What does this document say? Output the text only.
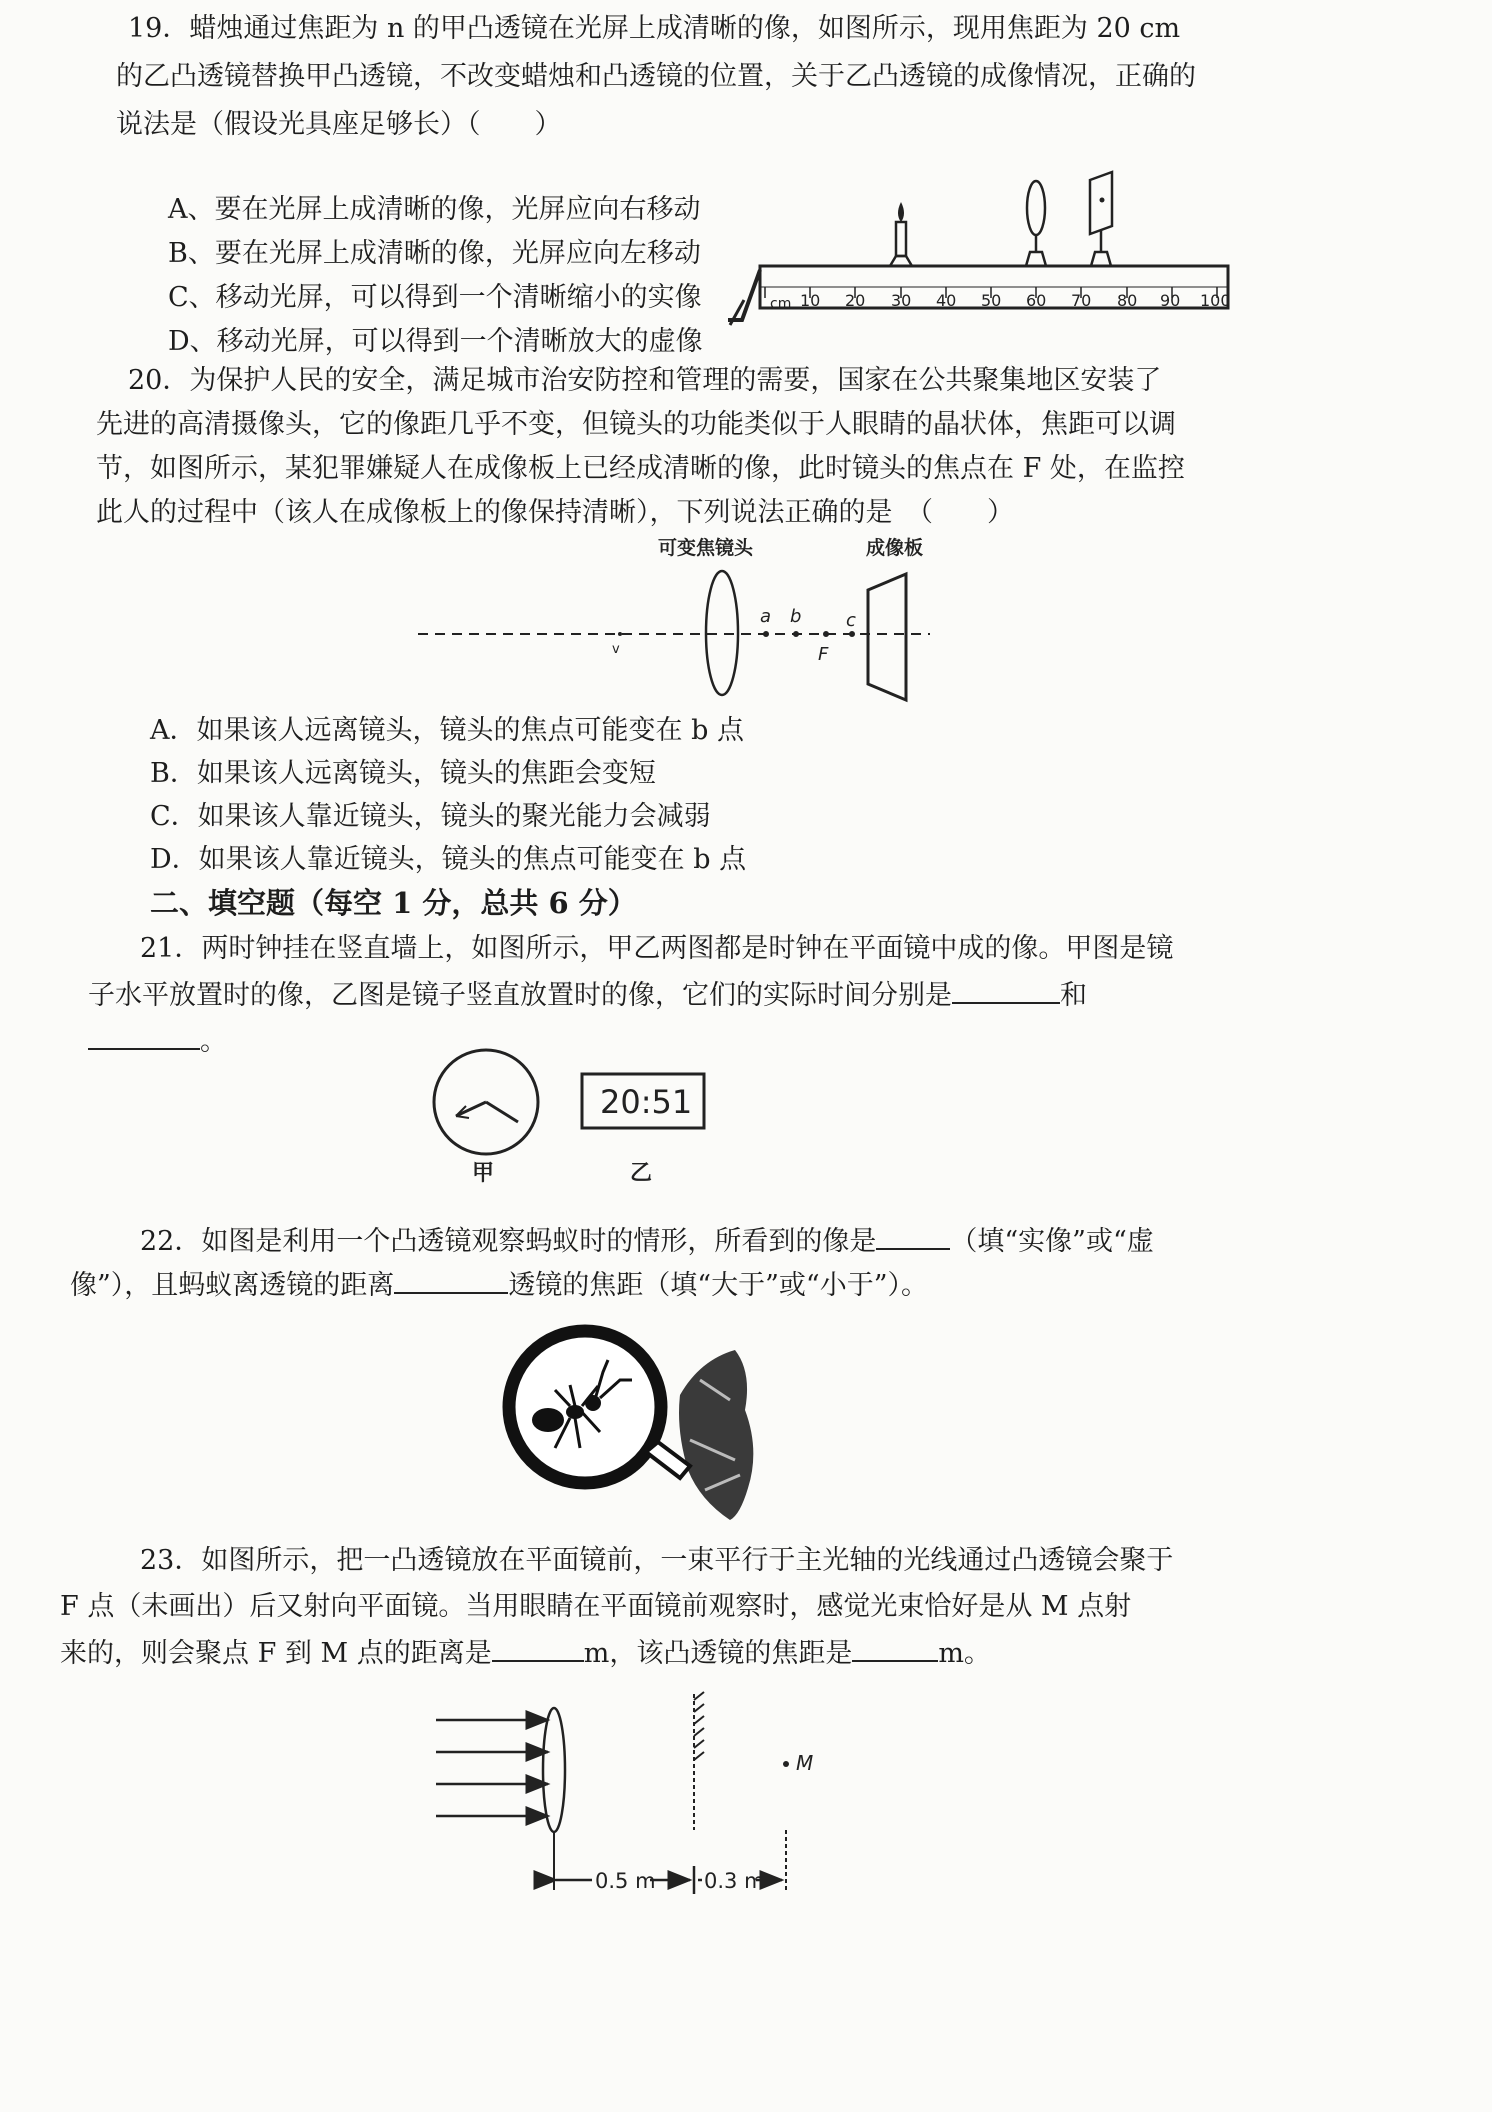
19．蜡烛通过焦距为 n 的甲凸透镜在光屏上成清晰的像，如图所示，现用焦距为 20 cm
的乙凸透镜替换甲凸透镜，不改变蜡烛和凸透镜的位置，关于乙凸透镜的成像情况，正确的
说法是（假设光具座足够长）（　　）
A、要在光屏上成清晰的像，光屏应向右移动
B、要在光屏上成清晰的像，光屏应向左移动
C、移动光屏，可以得到一个清晰缩小的实像
D、移动光屏，可以得到一个清晰放大的虚像
cm 10 20 30 40 50 60 70 80 90 100
20．为保护人民的安全，满足城市治安防控和管理的需要，国家在公共聚集地区安装了
先进的高清摄像头，它的像距几乎不变，但镜头的功能类似于人眼睛的晶状体，焦距可以调
节，如图所示，某犯罪嫌疑人在成像板上已经成清晰的像，此时镜头的焦点在 F 处，在监控
此人的过程中（该人在成像板上的像保持清晰），下列说法正确的是　（　　）
可变焦镜头	成像板
v
a b
F
c
A．如果该人远离镜头，镜头的焦点可能变在 b 点
B．如果该人远离镜头，镜头的焦距会变短
C．如果该人靠近镜头，镜头的聚光能力会减弱
D．如果该人靠近镜头，镜头的焦点可能变在 b 点
二、填空题（每空 1 分，总共 6 分）
21．两时钟挂在竖直墙上，如图所示，甲乙两图都是时钟在平面镜中成的像。甲图是镜
子水平放置时的像，乙图是镜子竖直放置时的像，它们的实际时间分别是	和
。
20:51
甲	乙
22．如图是利用一个凸透镜观察蚂蚁时的情形，所看到的像是	（填“实像”或“虚
像”），且蚂蚁离透镜的距离	透镜的焦距（填“大于”或“小于”）。
23．如图所示，把一凸透镜放在平面镜前，一束平行于主光轴的光线通过凸透镜会聚于
F 点（未画出）后又射向平面镜。当用眼睛在平面镜前观察时，感觉光束恰好是从 M 点射
来的，则会聚点 F 到 M 点的距离是	m，该凸透镜的焦距是	m。
M
0.5 m 0.3 m
